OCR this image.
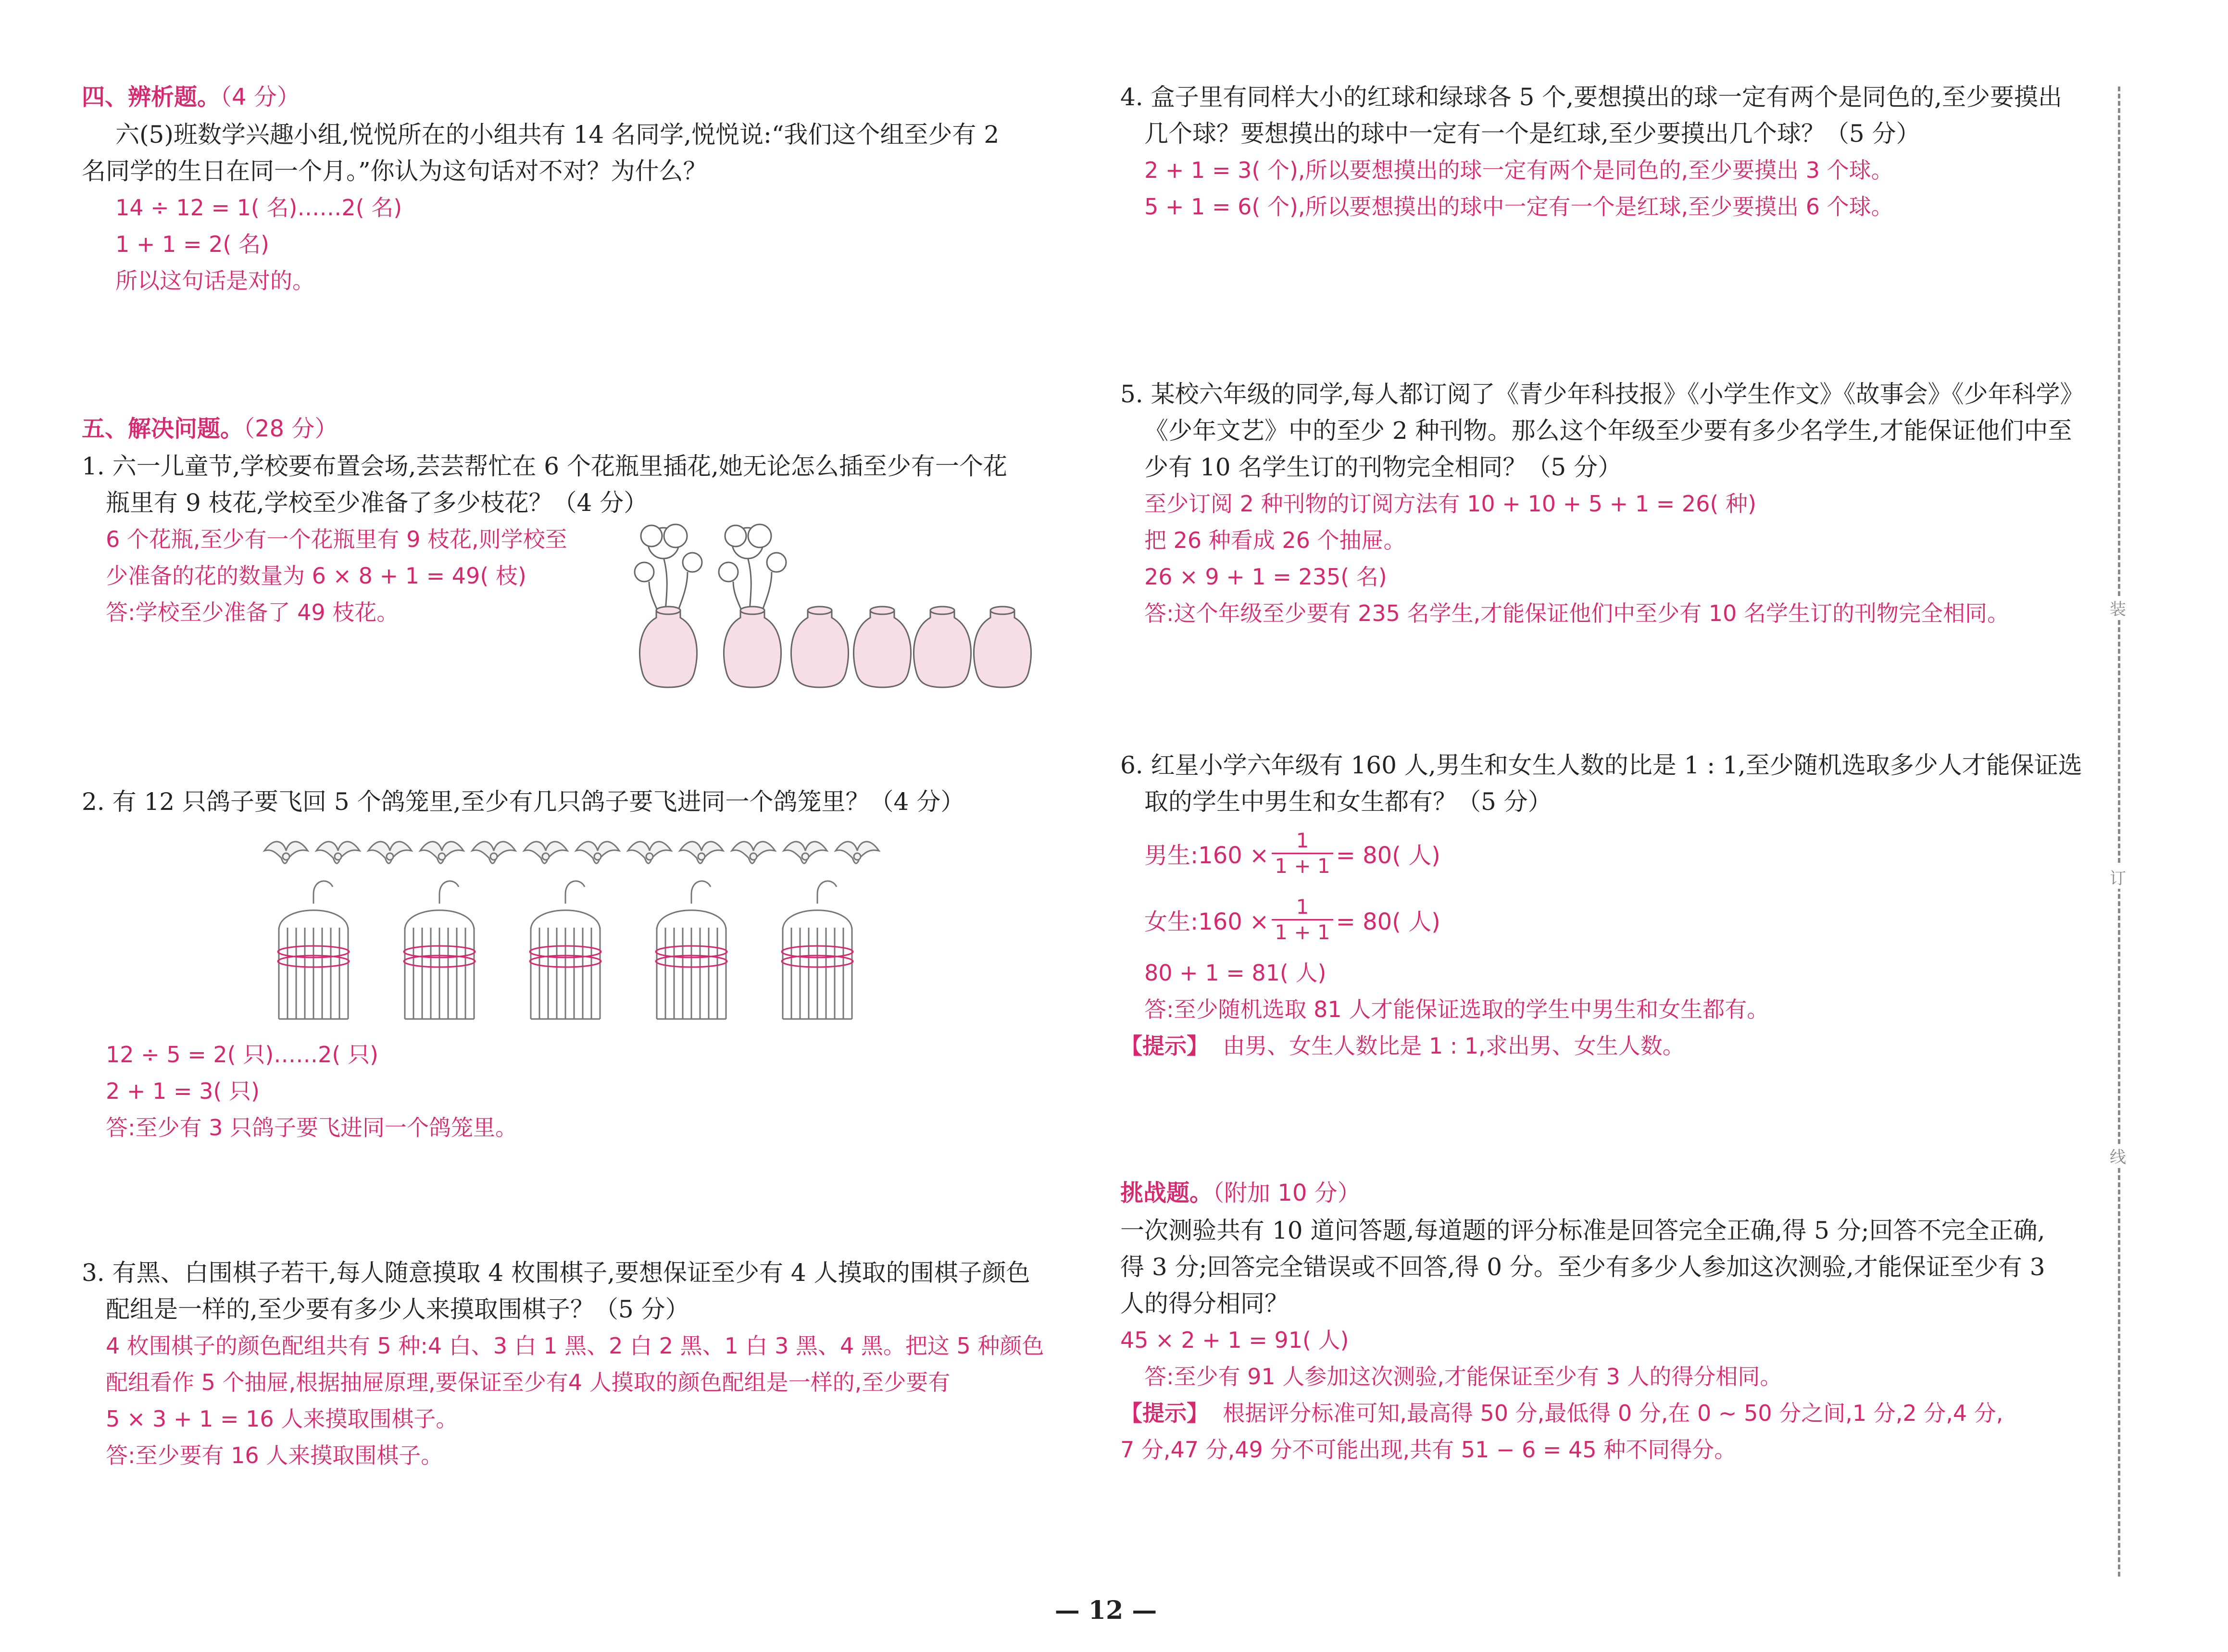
四、辨析题。（4 分）
六(5)班数学兴趣小组,悦悦所在的小组共有 14 名同学,悦悦说:“我们这个组至少有 2
名同学的生日在同一个月。”你认为这句话对不对？为什么？
14 ÷ 12 = 1( 名)……2( 名)
1 + 1 = 2( 名)
所以这句话是对的。
五、解决问题。（28 分）
1. 六一儿童节,学校要布置会场,芸芸帮忙在 6 个花瓶里插花,她无论怎么插至少有一个花
瓶里有 9 枝花,学校至少准备了多少枝花？（4 分）
6 个花瓶,至少有一个花瓶里有 9 枝花,则学校至
少准备的花的数量为 6 × 8 + 1 = 49( 枝)
答:学校至少准备了 49 枝花。
2. 有 12 只鸽子要飞回 5 个鸽笼里,至少有几只鸽子要飞进同一个鸽笼里？（4 分）
12 ÷ 5 = 2( 只)……2( 只)
2 + 1 = 3( 只)
答:至少有 3 只鸽子要飞进同一个鸽笼里。
3. 有黑、白围棋子若干,每人随意摸取 4 枚围棋子,要想保证至少有 4 人摸取的围棋子颜色
配组是一样的,至少要有多少人来摸取围棋子？（5 分）
4 枚围棋子的颜色配组共有 5 种:4 白、3 白 1 黑、2 白 2 黑、1 白 3 黑、4 黑。把这 5 种颜色
配组看作 5 个抽屉,根据抽屉原理,要保证至少有4 人摸取的颜色配组是一样的,至少要有
5 × 3 + 1 = 16 人来摸取围棋子。
答:至少要有 16 人来摸取围棋子。
4. 盒子里有同样大小的红球和绿球各 5 个,要想摸出的球一定有两个是同色的,至少要摸出
几个球？要想摸出的球中一定有一个是红球,至少要摸出几个球？（5 分）
2 + 1 = 3( 个),所以要想摸出的球一定有两个是同色的,至少要摸出 3 个球。
5 + 1 = 6( 个),所以要想摸出的球中一定有一个是红球,至少要摸出 6 个球。
5. 某校六年级的同学,每人都订阅了《青少年科技报》《小学生作文》《故事会》《少年科学》
《少年文艺》中的至少 2 种刊物。那么这个年级至少要有多少名学生,才能保证他们中至
少有 10 名学生订的刊物完全相同？（5 分）
至少订阅 2 种刊物的订阅方法有 10 + 10 + 5 + 1 = 26( 种)
把 26 种看成 26 个抽屉。
26 × 9 + 1 = 235( 名)
答:这个年级至少要有 235 名学生,才能保证他们中至少有 10 名学生订的刊物完全相同。
6. 红星小学六年级有 160 人,男生和女生人数的比是 1 : 1,至少随机选取多少人才能保证选
取的学生中男生和女生都有？（5 分）
男生:160 × $\frac{1}{1 + 1} = 80$( 人)
女生:160 × $\frac{1}{1 + 1} = 80$( 人)
80 + 1 = 81( 人)
答:至少随机选取 81 人才能保证选取的学生中男生和女生都有。
【提示】 由男、女生人数比是 1 : 1,求出男、女生人数。
挑战题。（附加 10 分）
一次测验共有 10 道问答题,每道题的评分标准是回答完全正确,得 5 分;回答不完全正确,
得 3 分;回答完全错误或不回答,得 0 分。至少有多少人参加这次测验,才能保证至少有 3
人的得分相同？
45 × 2 + 1 = 91( 人)
答:至少有 91 人参加这次测验,才能保证至少有 3 人的得分相同。
【提示】 根据评分标准可知,最高得 50 分,最低得 0 分,在 0 ~ 50 分之间,1 分,2 分,4 分,
7 分,47 分,49 分不可能出现,共有 51 − 6 = 45 种不同得分。
装
订
线
— 12 —
